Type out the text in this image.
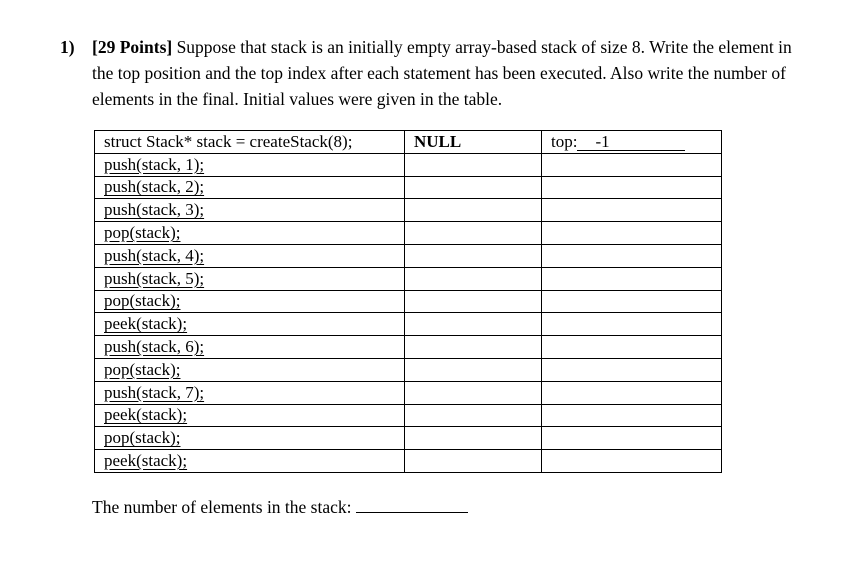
1) [29 Points] Suppose that stack is an initially empty array-based stack of size 8. Write the element in the top position and the top index after each statement has been executed. Also write the number of elements in the final. Initial values were given in the table.
struct Stack* stack = createStack(8);	NULL	top: -1
push(stack, 1);		
push(stack, 2);		
push(stack, 3);		
pop(stack);		
push(stack, 4);		
push(stack, 5);		
pop(stack);		
peek(stack);		
push(stack, 6);		
pop(stack);		
push(stack, 7);		
peek(stack);		
pop(stack);		
peek(stack);		
The number of elements in the stack:
